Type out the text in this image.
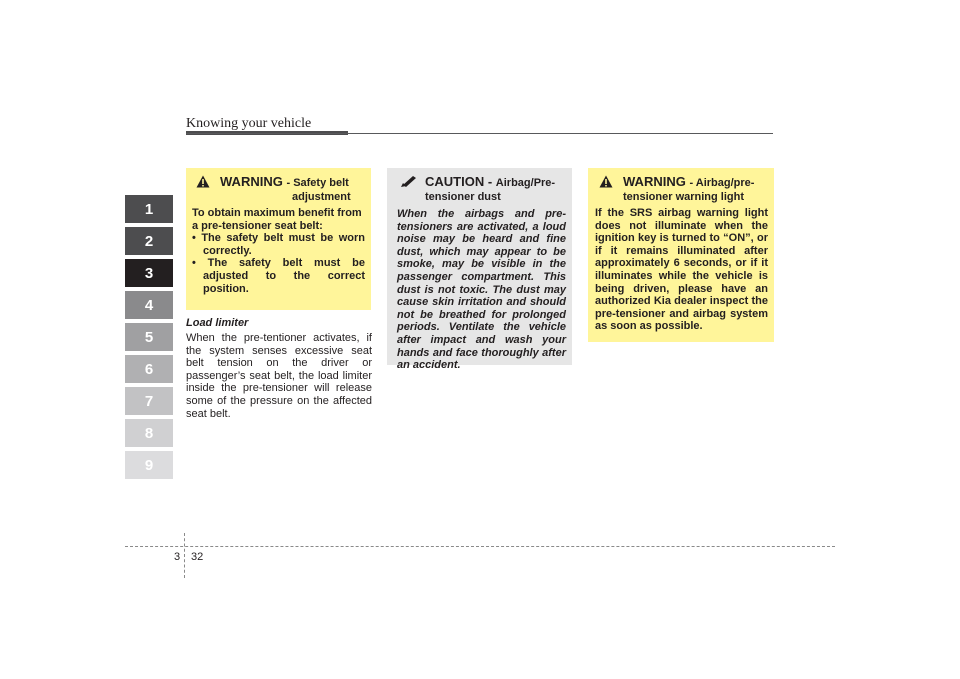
Knowing your vehicle
1
2
3
4
5
6
7
8
9
WARNING - Safety belt
adjustment
To obtain maximum benefit from a pre-tensioner seat belt:
• The safety belt must be worn correctly.
• The safety belt must be adjusted to the correct position.
Load limiter
When the pre-tentioner activates, if the system senses excessive seat belt tension on the driver or passenger’s seat belt, the load limiter inside the pre-tensioner will release some of the pressure on the affected seat belt.
CAUTION - Airbag/Pre-
tensioner dust
When the airbags and pre-tensioners are activated, a loud noise may be heard and fine dust, which may appear to be smoke, may be visible in the passenger compartment. This dust is not toxic. The dust may cause skin irritation and should not be breathed for prolonged periods. Ventilate the vehicle after impact and wash your hands and face thoroughly after an accident.
WARNING - Airbag/pre-
tensioner warning light
If the SRS airbag warning light does not illuminate when the ignition key is turned to “ON”, or if it remains illuminated after approximately 6 seconds, or if it illuminates while the vehicle is being driven, please have an authorized Kia dealer inspect the pre-tensioner and airbag system as soon as possible.
3 32
